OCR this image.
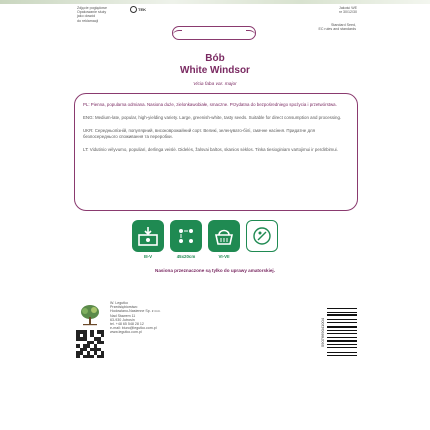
Zdjęcie poglądowe
Opakowanie służy
jako dowód
do reklamacji
TEK	Jakość WE
nr 30/12/30
Standard Seed,
EC rules and standards
Bób
White Windsor
Vicia faba var. major

PL: Pienna, popularna odmiana. Nasiona duże, zielonkawobiałe, smaczne. Przydatna do bezpośredniego spożycia i przetwórstwa.

ENG: Medium-late, popular, high-yielding variety. Large, greenish-white, tasty seeds. Suitable for direct consumption and processing.

UKR: Середньопізній, популярний, високоврожайний сорт. Великі, зеленувато-білі, смачне насіння. Придатне для безпосереднього споживання та переробки.

LT: Vidutinio vėlyvumo, populiari, derlinga veislė. Didelės, žalsvai baltos, skanios sėklos. Tinka tiesioginiam vartojimui ir perdirbimui.

III-V	45x20cm	VI-VII
Nasiona przeznaczone są tylko do uprawy amatorskiej.
W. Legutko
Przedsiębiorstwo
Hodowlano-Nasienne Sp. z o.o.
Nad Stawem 11
63-930 Jutrosin
tel. +48 65 548 28 12
e-mail: biuro@legutko.com.pl
www.legutko.com.pl	5907669041004
